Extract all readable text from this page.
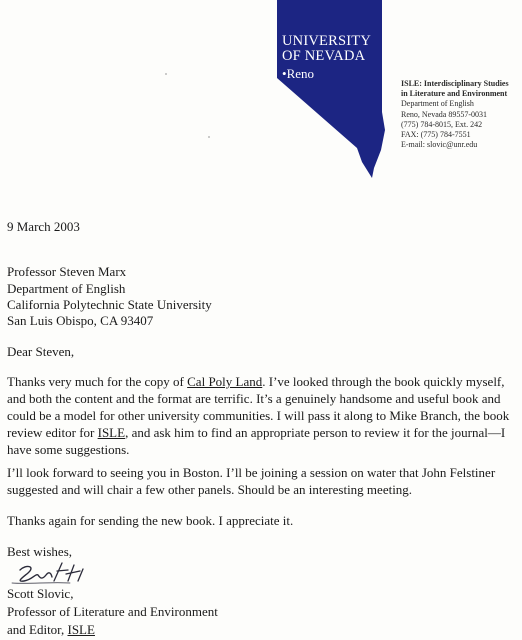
UNIVERSITY
OF NEVADA
•Reno
ISLE: Interdisciplinary Studies
in Literature and Environment
Department of English
Reno, Nevada 89557-0031
(775) 784-8015, Ext. 242
FAX: (775) 784-7551
E-mail: slovic@unr.edu
9 March 2003
Professor Steven Marx
Department of English
California Polytechnic State University
San Luis Obispo, CA 93407
Dear Steven,
Thanks very much for the copy of Cal Poly Land. I’ve looked through the book quickly myself,
and both the content and the format are terrific. It’s a genuinely handsome and useful book and
could be a model for other university communities. I will pass it along to Mike Branch, the book
review editor for ISLE, and ask him to find an appropriate person to review it for the journal—I
have some suggestions.
I’ll look forward to seeing you in Boston. I’ll be joining a session on water that John Felstiner
suggested and will chair a few other panels. Should be an interesting meeting.
Thanks again for sending the new book. I appreciate it.
Best wishes,
Scott Slovic,
Professor of Literature and Environment
and Editor, ISLE
